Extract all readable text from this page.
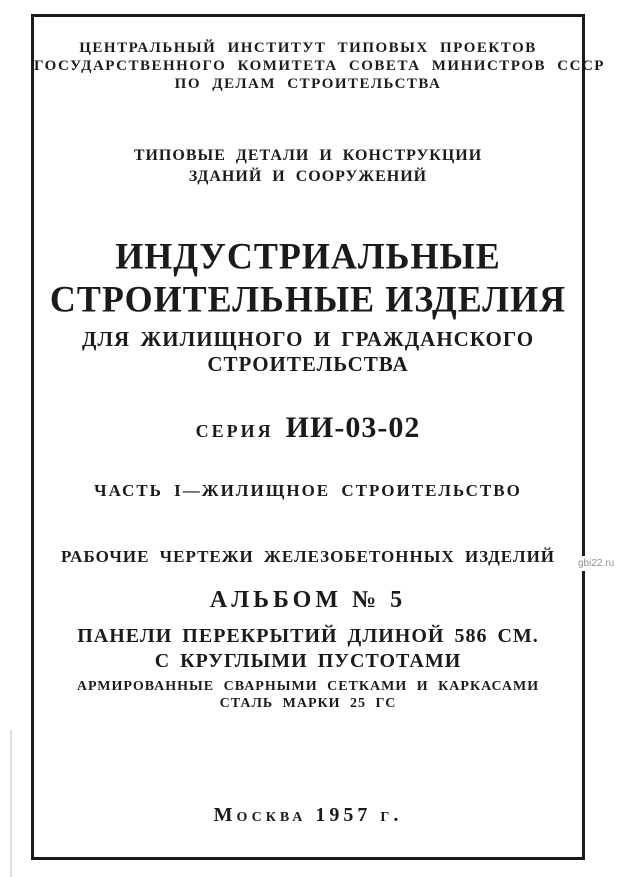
ЦЕНТРАЛЬНЫЙ ИНСТИТУТ ТИПОВЫХ ПРОЕКТОВ
ГОСУДАРСТВЕННОГО КОМИТЕТА СОВЕТА МИНИСТРОВ СССР
ПО ДЕЛАМ СТРОИТЕЛЬСТВА
ТИПОВЫЕ ДЕТАЛИ И КОНСТРУКЦИИ
ЗДАНИЙ И СООРУЖЕНИЙ
ИНДУСТРИАЛЬНЫЕ
СТРОИТЕЛЬНЫЕ ИЗДЕЛИЯ
ДЛЯ ЖИЛИЩНОГО И ГРАЖДАНСКОГО
СТРОИТЕЛЬСТВА
СЕРИЯ ИИ-03-02
ЧАСТЬ I—ЖИЛИЩНОЕ СТРОИТЕЛЬСТВО
РАБОЧИЕ ЧЕРТЕЖИ ЖЕЛЕЗОБЕТОННЫХ ИЗДЕЛИЙ
АЛЬБОМ № 5
ПАНЕЛИ ПЕРЕКРЫТИЙ ДЛИНОЙ 586 СМ.
С КРУГЛЫМИ ПУСТОТАМИ
АРМИРОВАННЫЕ СВАРНЫМИ СЕТКАМИ И КАРКАСАМИ
СТАЛЬ МАРКИ 25 ГС
Москва 1957 г.
gbi22.ru
